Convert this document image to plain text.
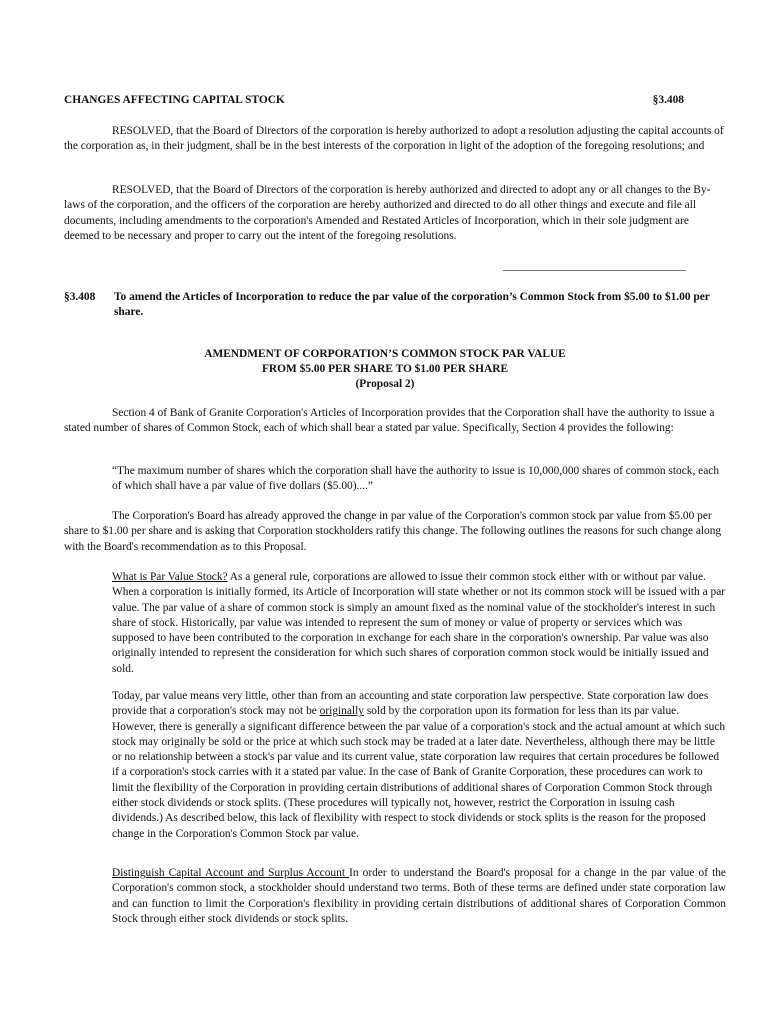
CHANGES AFFECTING CAPITAL STOCK	§3.408

RESOLVED, that the Board of Directors of the corporation is hereby authorized to adopt a resolution adjusting the capital accounts of the corporation as, in their judgment, shall be in the best interests of the corporation in light of the adoption of the foregoing resolutions; and

RESOLVED, that the Board of Directors of the corporation is hereby authorized and directed to adopt any or all changes to the By-laws of the corporation, and the officers of the corporation are hereby authorized and directed to do all other things and execute and file all documents, including amendments to the corporation's Amended and Restated Articles of Incorporation, which in their sole judgment are deemed to be necessary and proper to carry out the intent of the foregoing resolutions.

§3.408 To amend the Articles of Incorporation to reduce the par value of the corporation’s Common Stock from $5.00 to $1.00 per share.

AMENDMENT OF CORPORATION’S COMMON STOCK PAR VALUE
FROM $5.00 PER SHARE TO $1.00 PER SHARE
(Proposal 2)

Section 4 of Bank of Granite Corporation's Articles of Incorporation provides that the Corporation shall have the authority to issue a stated number of shares of Common Stock, each of which shall bear a stated par value. Specifically, Section 4 provides the following:

“The maximum number of shares which the corporation shall have the authority to issue is 10,000,000 shares of common stock, each of which shall have a par value of five dollars ($5.00)....”

The Corporation's Board has already approved the change in par value of the Corporation's common stock par value from $5.00 per share to $1.00 per share and is asking that Corporation stockholders ratify this change. The following outlines the reasons for such change along with the Board's recommendation as to this Proposal.

What is Par Value Stock? As a general rule, corporations are allowed to issue their common stock either with or without par value. When a corporation is initially formed, its Article of Incorporation will state whether or not its common stock will be issued with a par value. The par value of a share of common stock is simply an amount fixed as the nominal value of the stockholder's interest in such share of stock. Historically, par value was intended to represent the sum of money or value of property or services which was supposed to have been contributed to the corporation in exchange for each share in the corporation's ownership. Par value was also originally intended to represent the consideration for which such shares of corporation common stock would be initially issued and sold.

Today, par value means very little, other than from an accounting and state corporation law perspective. State corporation law does provide that a corporation's stock may not be originally sold by the corporation upon its formation for less than its par value. However, there is generally a significant difference between the par value of a corporation's stock and the actual amount at which such stock may originally be sold or the price at which such stock may be traded at a later date. Nevertheless, although there may be little or no relationship between a stock's par value and its current value, state corporation law requires that certain procedures be followed if a corporation's stock carries with it a stated par value. In the case of Bank of Granite Corporation, these procedures can work to limit the flexibility of the Corporation in providing certain distributions of additional shares of Corporation Common Stock through either stock dividends or stock splits. (These procedures will typically not, however, restrict the Corporation in issuing cash dividends.) As described below, this lack of flexibility with respect to stock dividends or stock splits is the reason for the proposed change in the Corporation's Common Stock par value.

Distinguish Capital Account and Surplus Account In order to understand the Board's proposal for a change in the par value of the Corporation's common stock, a stockholder should understand two terms. Both of these terms are defined under state corporation law and can function to limit the Corporation's flexibility in providing certain distributions of additional shares of Corporation Common Stock through either stock dividends or stock splits.
